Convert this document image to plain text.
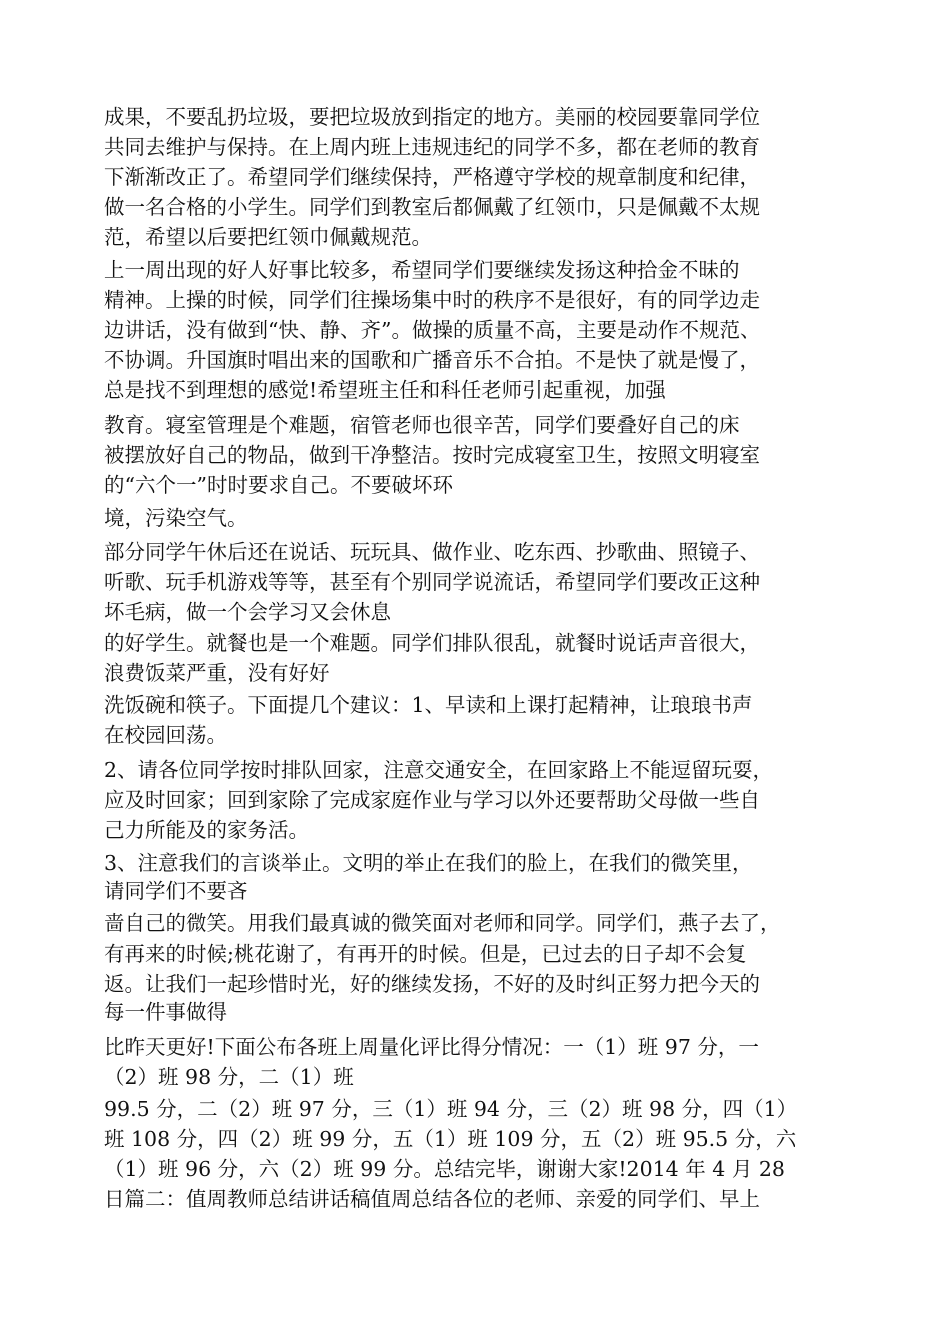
成果，不要乱扔垃圾，要把垃圾放到指定的地方。美丽的校园要靠同学位
共同去维护与保持。在上周内班上违规违纪的同学不多，都在老师的教育
下渐渐改正了。希望同学们继续保持，严格遵守学校的规章制度和纪律，
做一名合格的小学生。同学们到教室后都佩戴了红领巾，只是佩戴不太规
范，希望以后要把红领巾佩戴规范。
上一周出现的好人好事比较多，希望同学们要继续发扬这种拾金不昧的
精神。上操的时候，同学们往操场集中时的秩序不是很好，有的同学边走
边讲话，没有做到“快、静、齐”。做操的质量不高，主要是动作不规范、
不协调。升国旗时唱出来的国歌和广播音乐不合拍。不是快了就是慢了，
总是找不到理想的感觉!希望班主任和科任老师引起重视，加强
教育。寝室管理是个难题，宿管老师也很辛苦，同学们要叠好自己的床
被摆放好自己的物品，做到干净整洁。按时完成寝室卫生，按照文明寝室
的“六个一”时时要求自己。不要破坏环
境，污染空气。
部分同学午休后还在说话、玩玩具、做作业、吃东西、抄歌曲、照镜子、
听歌、玩手机游戏等等，甚至有个别同学说流话，希望同学们要改正这种
坏毛病，做一个会学习又会休息
的好学生。就餐也是一个难题。同学们排队很乱，就餐时说话声音很大，
浪费饭菜严重，没有好好
洗饭碗和筷子。下面提几个建议：1、早读和上课打起精神，让琅琅书声
在校园回荡。
2、请各位同学按时排队回家，注意交通安全，在回家路上不能逗留玩耍，
应及时回家；回到家除了完成家庭作业与学习以外还要帮助父母做一些自
己力所能及的家务活。
3、注意我们的言谈举止。文明的举止在我们的脸上，在我们的微笑里，
请同学们不要吝
啬自己的微笑。用我们最真诚的微笑面对老师和同学。同学们，燕子去了，
有再来的时候;桃花谢了，有再开的时候。但是，已过去的日子却不会复
返。让我们一起珍惜时光，好的继续发扬，不好的及时纠正努力把今天的
每一件事做得
比昨天更好!下面公布各班上周量化评比得分情况：一（1）班 97 分，一
（2）班 98 分，二（1）班
99.5 分，二（2）班 97 分，三（1）班 94 分，三（2）班 98 分，四（1）
班 108 分，四（2）班 99 分，五（1）班 109 分，五（2）班 95.5 分，六
（1）班 96 分，六（2）班 99 分。总结完毕，谢谢大家!2014 年 4 月 28
日篇二：值周教师总结讲话稿值周总结各位的老师、亲爱的同学们、早上
